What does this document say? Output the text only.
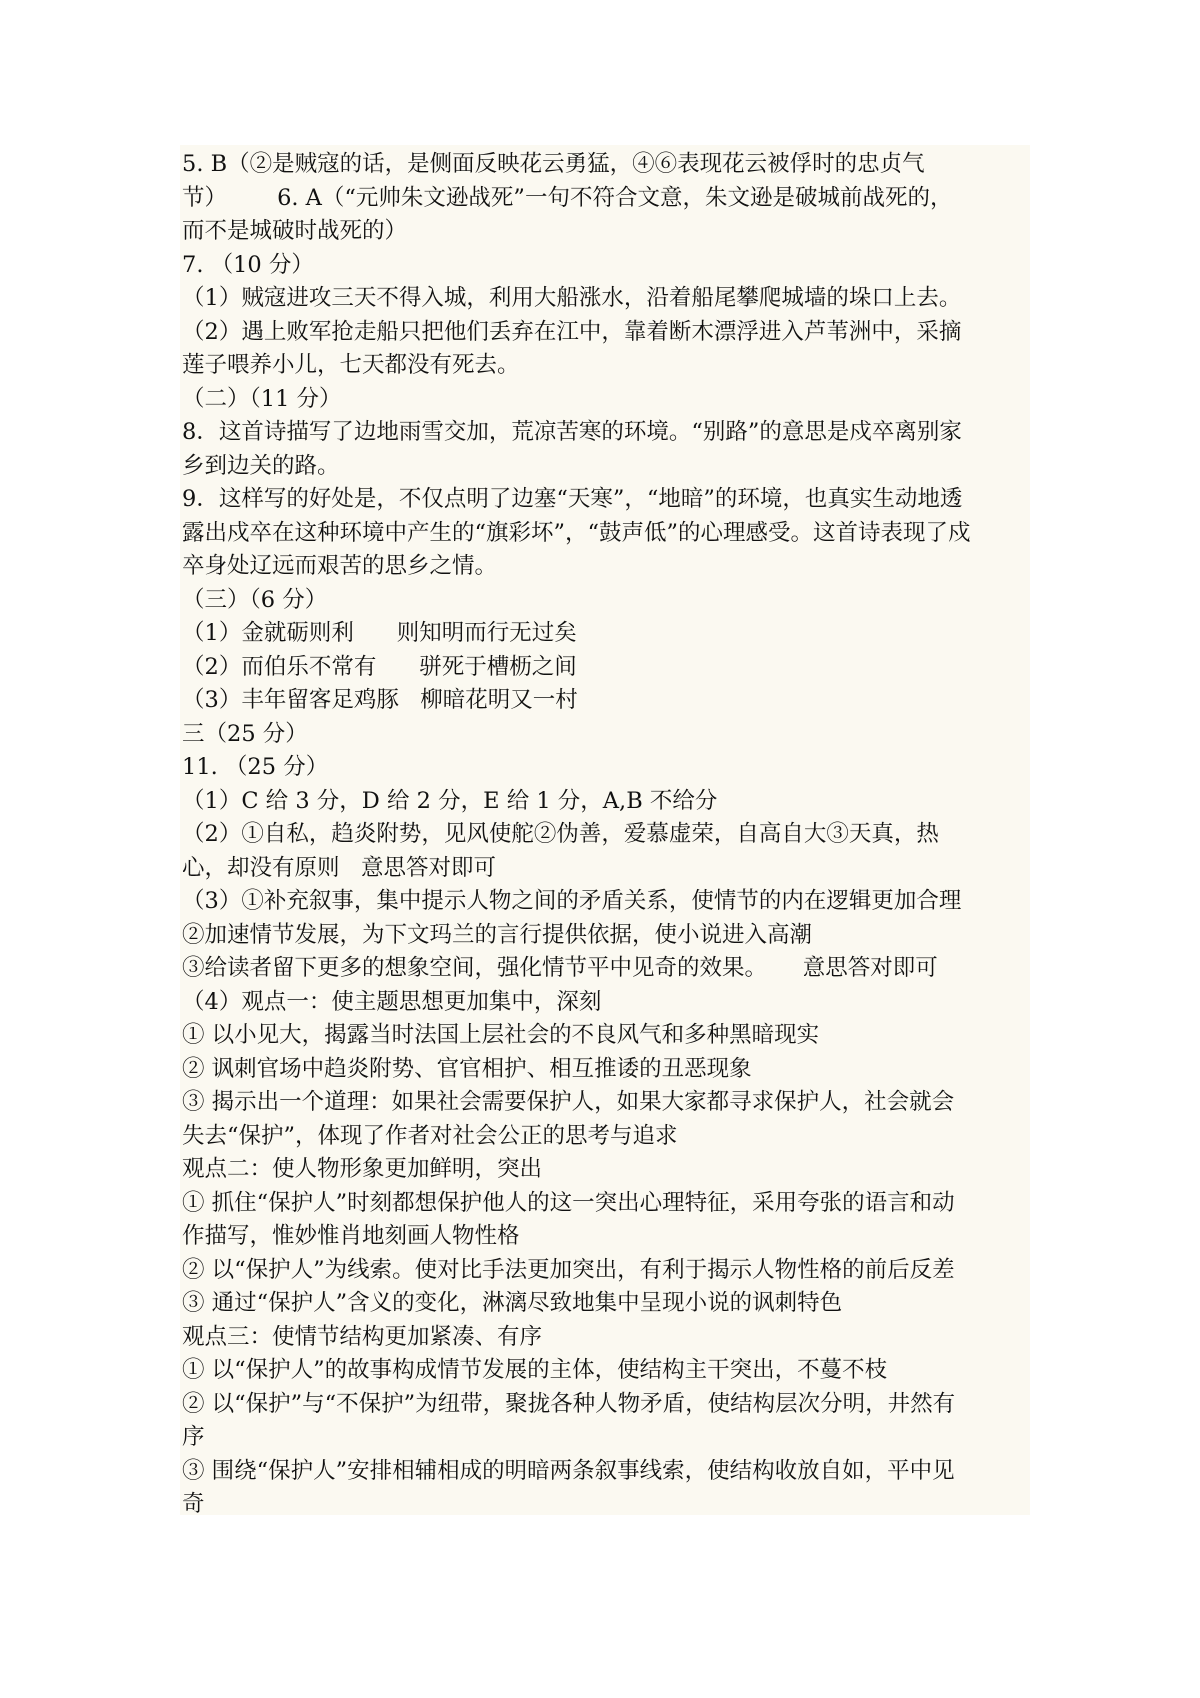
5. B（②是贼寇的话，是侧面反映花云勇猛，④⑥表现花云被俘时的忠贞气
节）       6. A（“元帅朱文逊战死”一句不符合文意，朱文逊是破城前战死的，
而不是城破时战死的）
7. （10 分）
（1）贼寇进攻三天不得入城，利用大船涨水，沿着船尾攀爬城墙的垛口上去。
（2）遇上败军抢走船只把他们丢弃在江中，靠着断木漂浮进入芦苇洲中，采摘
莲子喂养小儿，七天都没有死去。
（二）（11 分）
8．这首诗描写了边地雨雪交加，荒凉苦寒的环境。“别路”的意思是戍卒离别家
乡到边关的路。
9．这样写的好处是，不仅点明了边塞“天寒”，“地暗”的环境，也真实生动地透
露出戍卒在这种环境中产生的“旗彩坏”，“鼓声低”的心理感受。这首诗表现了戍
卒身处辽远而艰苦的思乡之情。
（三）（6 分）
（1）金就砺则利      则知明而行无过矣
（2）而伯乐不常有      骈死于槽枥之间
（3）丰年留客足鸡豚   柳暗花明又一村
三（25 分）
11. （25 分）
（1）C 给 3 分，D 给 2 分，E 给 1 分，A,B 不给分
（2）①自私，趋炎附势，见风使舵②伪善，爱慕虚荣，自高自大③天真，热
心，却没有原则   意思答对即可
（3）①补充叙事，集中提示人物之间的矛盾关系，使情节的内在逻辑更加合理
②加速情节发展，为下文玛兰的言行提供依据，使小说进入高潮
③给读者留下更多的想象空间，强化情节平中见奇的效果。     意思答对即可
（4）观点一：使主题思想更加集中，深刻
① 以小见大，揭露当时法国上层社会的不良风气和多种黑暗现实
② 讽刺官场中趋炎附势、官官相护、相互推诿的丑恶现象
③ 揭示出一个道理：如果社会需要保护人，如果大家都寻求保护人，社会就会
失去“保护”，体现了作者对社会公正的思考与追求
观点二：使人物形象更加鲜明，突出
① 抓住“保护人”时刻都想保护他人的这一突出心理特征，采用夸张的语言和动
作描写，惟妙惟肖地刻画人物性格
② 以“保护人”为线索。使对比手法更加突出，有利于揭示人物性格的前后反差
③ 通过“保护人”含义的变化，淋漓尽致地集中呈现小说的讽刺特色
观点三：使情节结构更加紧凑、有序
① 以“保护人”的故事构成情节发展的主体，使结构主干突出，不蔓不枝
② 以“保护”与“不保护”为纽带，聚拢各种人物矛盾，使结构层次分明，井然有
序
③ 围绕“保护人”安排相辅相成的明暗两条叙事线索，使结构收放自如，平中见
奇
